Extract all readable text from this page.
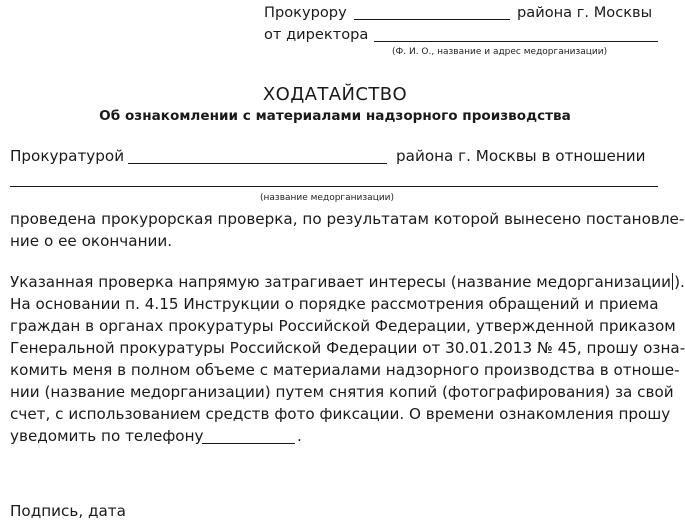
Прокурору	района г. Москвы
от директора
(Ф. И. О., название и адрес медорганизации)
ХОДАТАЙСТВО
Об ознакомлении с материалами надзорного производства
Прокуратурой	района г. Москвы в отношении
(название медорганизации)
проведена прокурорская проверка, по результатам которой вынесено постановле-
ние о ее окончании.
Указанная проверка напрямую затрагивает интересы (название медорганизации ).
На основании п. 4.15 Инструкции о порядке рассмотрения обращений и приема
граждан в органах прокуратуры Российской Федерации, утвержденной приказом
Генеральной прокуратуры Российской Федерации от 30.01.2013 № 45, прошу озна-
комить меня в полном объеме с материалами надзорного производства в отноше-
нии (название медорганизации) путем снятия копий (фотографирования) за свой
счет, с использованием средств фото фиксации. О времени ознакомления прошу
уведомить по телефону	.
Подпись, дата
